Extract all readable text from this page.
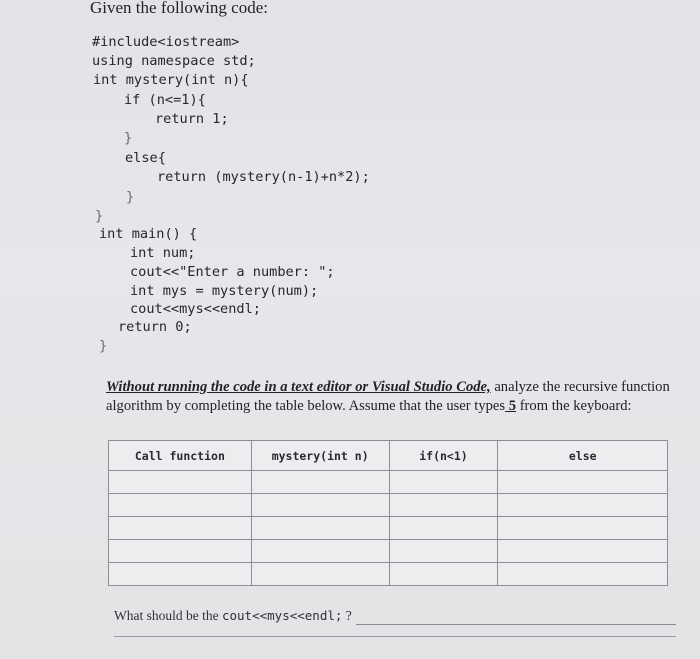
Given the following code:
#include<iostream>
using namespace std;
int mystery(int n){
if (n<=1){
return 1;
}
else{
return (mystery(n-1)+n*2);
}
}
int main() {
int num;
cout<<"Enter a number: ";
int mys = mystery(num);
cout<<mys<<endl;
return 0;
}
Without running the code in a text editor or Visual Studio Code, analyze the recursive function algorithm by completing the table below. Assume that the user types 5 from the keyboard:
Call function	mystery(int n)	if(n<1)	else

What should be the cout<<mys<<endl; ?
